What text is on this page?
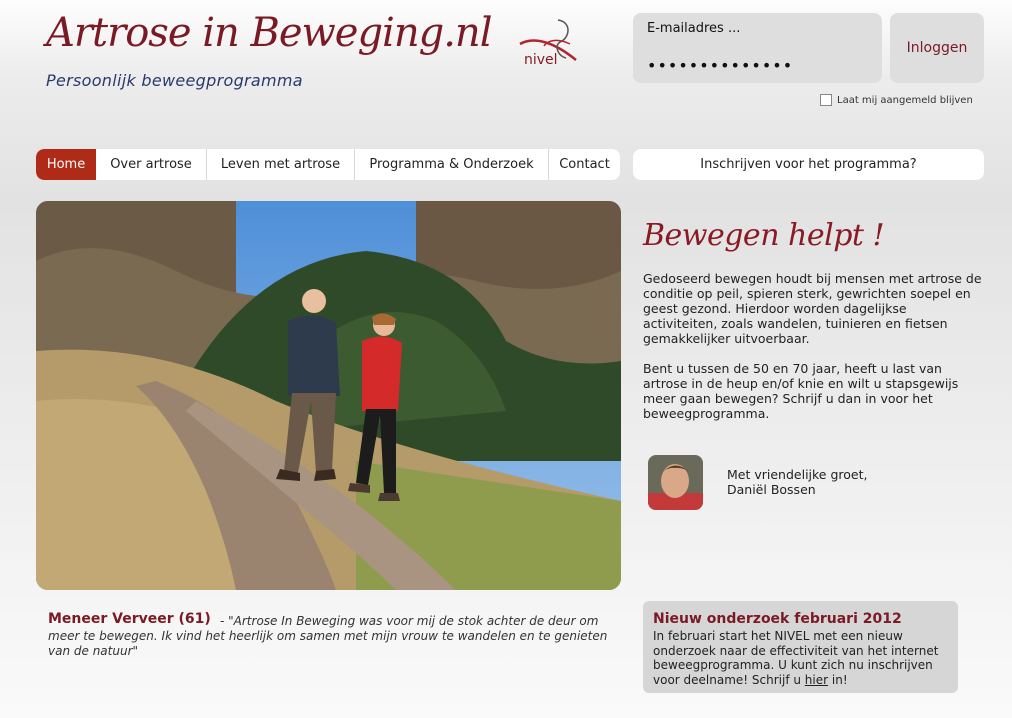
Artrose in Beweging.nl
Persoonlijk beweegprogramma
nivel
E-mailadres ...
••••••••••••••
Inloggen
Laat mij aangemeld blijven
Home	Over artrose	Leven met artrose	Programma & Onderzoek	Contact	Inschrijven voor het programma?
Bewegen helpt !
Gedoseerd bewegen houdt bij mensen met artrose de conditie op peil, spieren sterk, gewrichten soepel en geest gezond. Hierdoor worden dagelijkse activiteiten, zoals wandelen, tuinieren en fietsen gemakkelijker uitvoerbaar.
Bent u tussen de 50 en 70 jaar, heeft u last van artrose in de heup en/of knie en wilt u stapsgewijs meer gaan bewegen? Schrijf u dan in voor het beweegprogramma.
Met vriendelijke groet,
Daniël Bossen
Meneer Verveer (61) - "Artrose In Beweging was voor mij de stok achter de deur om meer te bewegen. Ik vind het heerlijk om samen met mijn vrouw te wandelen en te genieten van de natuur"
Nieuw onderzoek februari 2012
In februari start het NIVEL met een nieuw onderzoek naar de effectiviteit van het internet beweegprogramma. U kunt zich nu inschrijven voor deelname! Schrijf u hier in!
